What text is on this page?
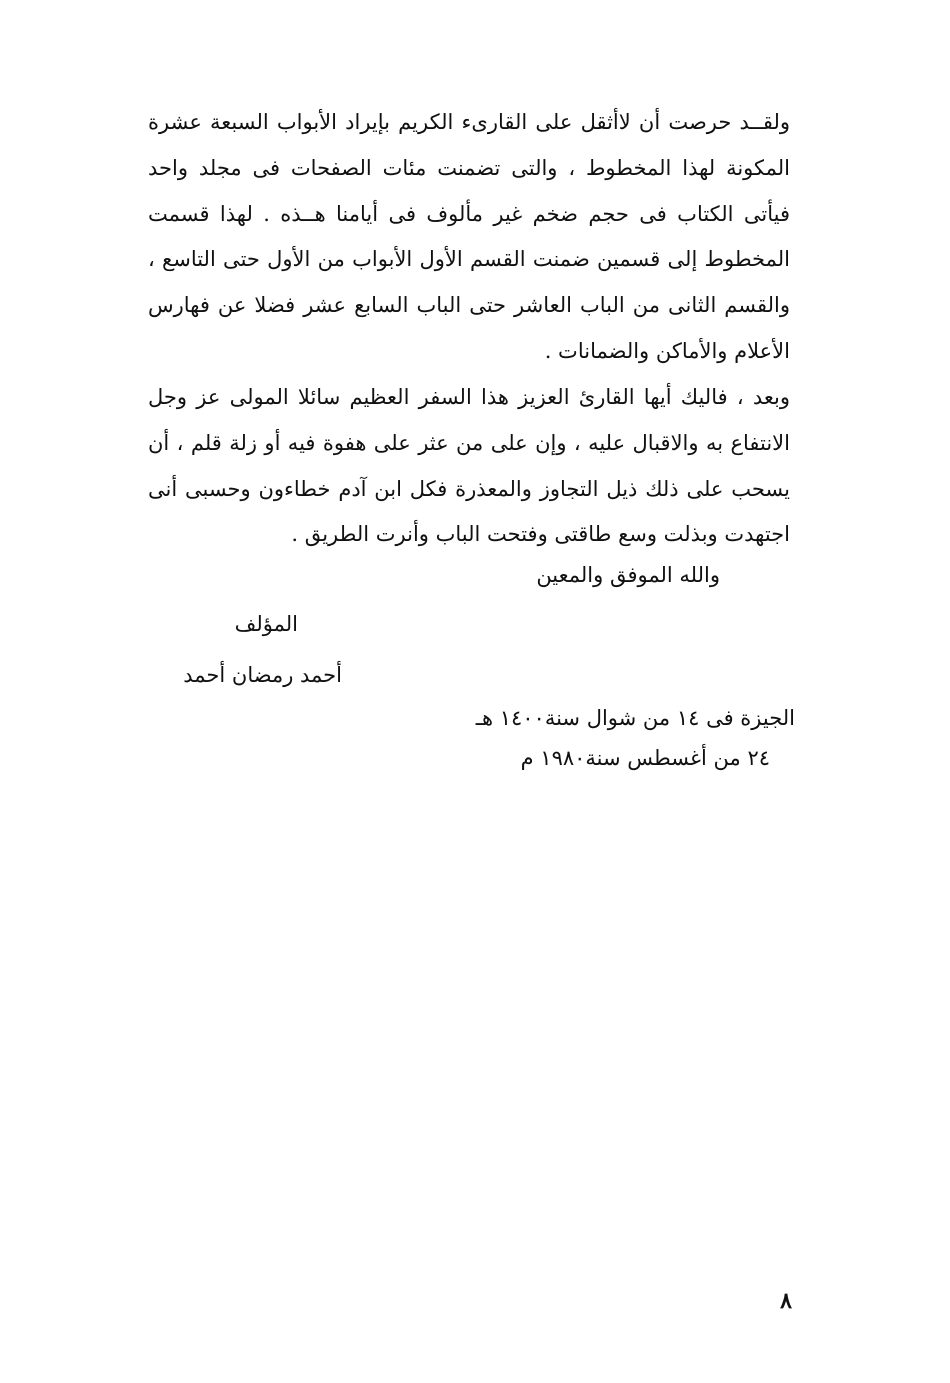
ولقــد حرصت أن لاأثقل على القارىء الكريم بإيراد الأبواب السبعة عشرة المكونة لهذا المخطوط ، والتى تضمنت مئات الصفحات فى مجلد واحد فيأتى الكتاب فى حجم ضخم غير مألوف فى أيامنا هــذه . لهذا قسمت المخطوط إلى قسمين ضمنت القسم الأول الأبواب من الأول حتى التاسع ، والقسم الثانى من الباب العاشر حتى الباب السابع عشر فضلا عن فهارس الأعلام والأماكن والضمانات .

وبعد ، فاليك أيها القارئ العزيز هذا السفر العظيم سائلا المولى عز وجل الانتفاع به والاقبال عليه ، وإن على من عثر على هفوة فيه أو زلة قلم ، أن يسحب على ذلك ذيل التجاوز والمعذرة فكل ابن آدم خطاءون وحسبى أنى اجتهدت وبذلت وسع طاقتى وفتحت الباب وأنرت الطريق .

والله الموفق والمعين
المؤلف
أحمد رمضان أحمد
الجيزة فى ١٤ من شوال سنة١٤٠٠ هـ
٢٤ من أغسطس سنة١٩٨٠ م
٨
